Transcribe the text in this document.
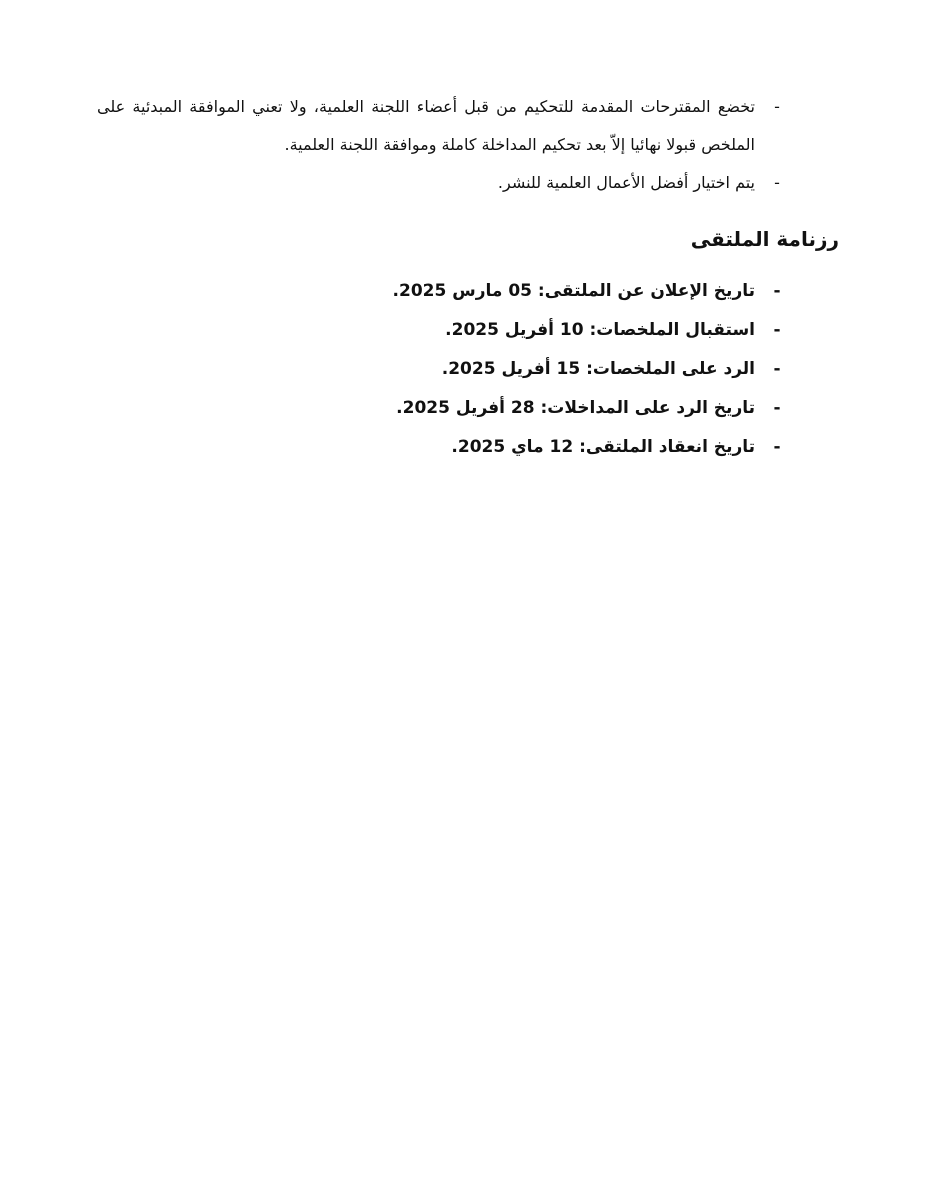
-
تخضع المقترحات المقدمة للتحكيم من قبل أعضاء اللجنة العلمية، ولا تعني الموافقة المبدئية على الملخص قبولا نهائيا إلاّ بعد تحكيم المداخلة كاملة وموافقة اللجنة العلمية.
-
يتم اختيار أفضل الأعمال العلمية للنشر.
رزنامة الملتقى
-
تاريخ الإعلان عن الملتقى: 05 مارس 2025.
-
استقبال الملخصات: 10 أفريل 2025.
-
الرد على الملخصات: 15 أفريل 2025.
-
تاريخ الرد على المداخلات: 28 أفريل 2025.
-
تاريخ انعقاد الملتقى: 12 ماي 2025.
